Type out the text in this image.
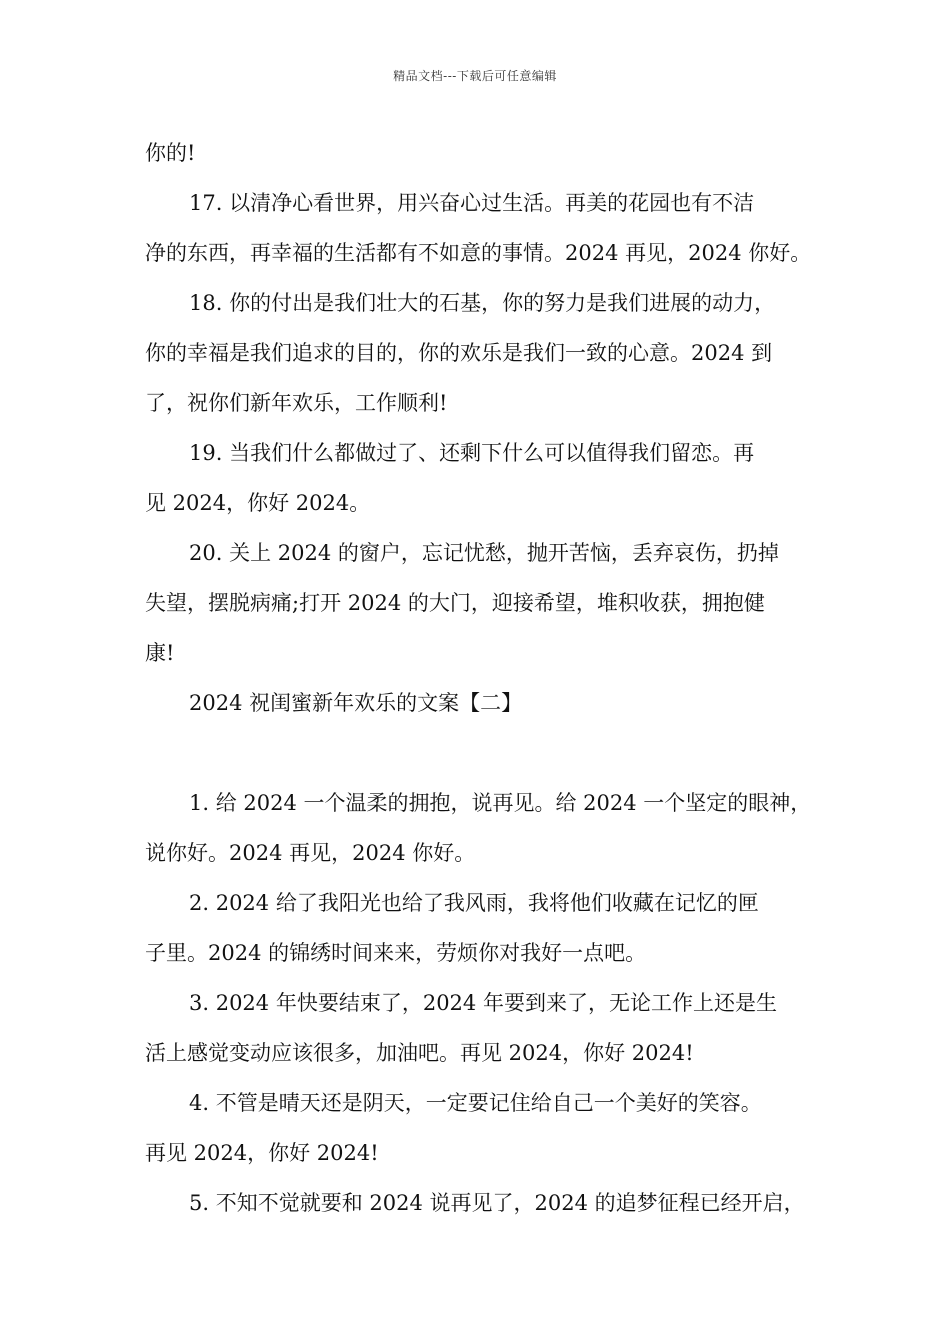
精品文档---下载后可任意编辑
你的!
17. 以清净心看世界，用兴奋心过生活。再美的花园也有不洁
净的东西，再幸福的生活都有不如意的事情。2024 再见，2024 你好。
18. 你的付出是我们壮大的石基，你的努力是我们进展的动力，
你的幸福是我们追求的目的，你的欢乐是我们一致的心意。2024 到
了，祝你们新年欢乐，工作顺利!
19. 当我们什么都做过了、还剩下什么可以值得我们留恋。再
见 2024，你好 2024。
20. 关上 2024 的窗户，忘记忧愁，抛开苦恼，丢弃哀伤，扔掉
失望，摆脱病痛;打开 2024 的大门，迎接希望，堆积收获，拥抱健
康!
2024 祝闺蜜新年欢乐的文案【二】
1. 给 2024 一个温柔的拥抱，说再见。给 2024 一个坚定的眼神，
说你好。2024 再见，2024 你好。
2. 2024 给了我阳光也给了我风雨，我将他们收藏在记忆的匣
子里。2024 的锦绣时间来来，劳烦你对我好一点吧。
3. 2024 年快要结束了，2024 年要到来了，无论工作上还是生
活上感觉变动应该很多，加油吧。再见 2024，你好 2024!
4. 不管是晴天还是阴天，一定要记住给自己一个美好的笑容。
再见 2024，你好 2024!
5. 不知不觉就要和 2024 说再见了，2024 的追梦征程已经开启，
